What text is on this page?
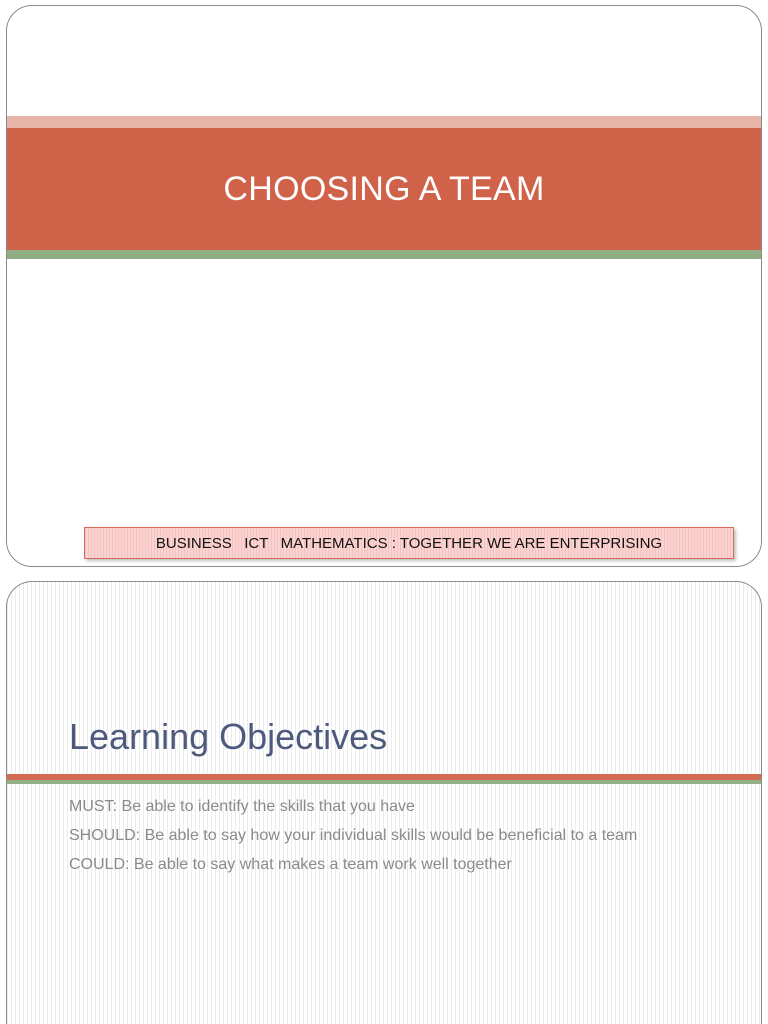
CHOOSING A TEAM
BUSINESS   ICT   MATHEMATICS : TOGETHER WE ARE ENTERPRISING
Learning Objectives
MUST: Be able to identify the skills that you have
SHOULD: Be able to say how your individual skills would be beneficial to a team
COULD: Be able to say what makes a team work well together
